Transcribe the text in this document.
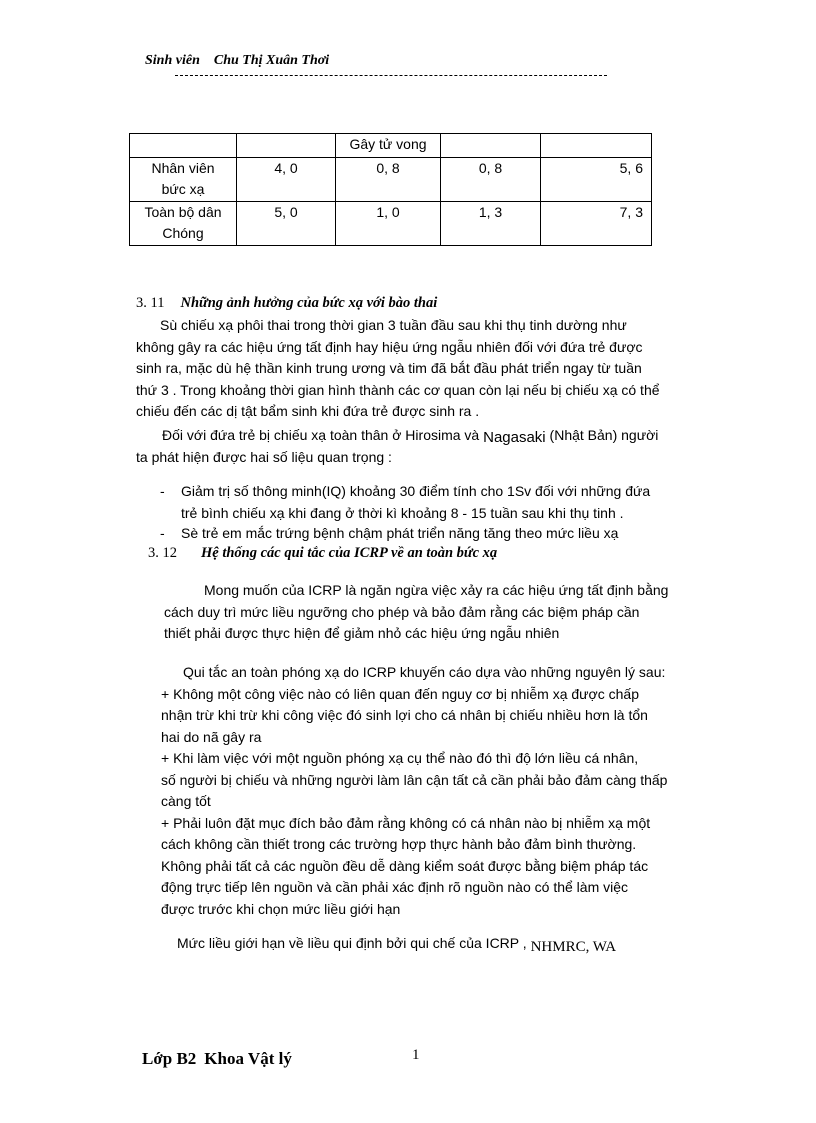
Sinh viên Chu Thị Xuân Thơi
		Gây tử vong		

Nhân viên
bức xạ	4, 0	0, 8	0, 8	5, 6

Toàn bộ dân
Chóng	5, 0	1, 0	1, 3	7, 3
3. 11 Những ảnh hưởng của bức xạ với bào thai
Sù chiếu xạ phôi thai trong thời gian 3 tuần đầu sau khi thụ tinh dường như
không gây ra các hiệu ứng tất định hay hiệu ứng ngẫu nhiên đối với đứa trẻ được
sinh ra, mặc dù hệ thần kinh trung ương và tim đã bắt đầu phát triển ngay từ tuần
thứ 3 . Trong khoảng thời gian hình thành các cơ quan còn lại nếu bị chiếu xạ có thể
chiếu đến các dị tật bẩm sinh khi đứa trẻ được sinh ra .
Đối với đứa trẻ bị chiếu xạ toàn thân ở Hirosima và Nagasaki (Nhật Bản) người
ta phát hiện được hai số liệu quan trọng :
- Giảm trị số thông minh(IQ) khoảng 30 điểm tính cho 1Sv đối với những đứa
trẻ bình chiếu xạ khi đang ở thời kì khoảng 8 - 15 tuần sau khi thụ tinh .
- Sè trẻ em mắc trứng bệnh chậm phát triển năng tăng theo mức liều xạ
3. 12 Hệ thống các qui tắc của ICRP về an toàn bức xạ
Mong muốn của ICRP là ngăn ngừa việc xảy ra các hiệu ứng tất định bằng
cách duy trì mức liều ngưỡng cho phép và bảo đảm rằng các biệm pháp cần
thiết phải được thực hiện để giảm nhỏ các hiệu ứng ngẫu nhiên
Qui tắc an toàn phóng xạ do ICRP khuyến cáo dựa vào những nguyên lý sau:
+ Không một công việc nào có liên quan đến nguy cơ bị nhiễm xạ được chấp
nhận trừ khi trừ khi công việc đó sinh lợi cho cá nhân bị chiếu nhiều hơn là tổn
hai do nã gây ra
+ Khi làm việc với một nguồn phóng xạ cụ thể nào đó thì độ lớn liều cá nhân,
số người bị chiếu và những người làm lân cận tất cả cần phải bảo đảm càng thấp
càng tốt
+ Phải luôn đặt mục đích bảo đảm rằng không có cá nhân nào bị nhiễm xạ một
cách không cần thiết trong các trường hợp thực hành bảo đảm bình thường.
Không phải tất cả các nguồn đều dễ dàng kiểm soát được bằng biệm pháp tác
động trực tiếp lên nguồn và cần phải xác định rõ nguồn nào có thể làm việc
được trước khi chọn mức liều giới hạn
Mức liều giới hạn về liều qui định bởi qui chế của ICRP , NHMRC, WA
Lớp B2 Khoa Vật lý	1
